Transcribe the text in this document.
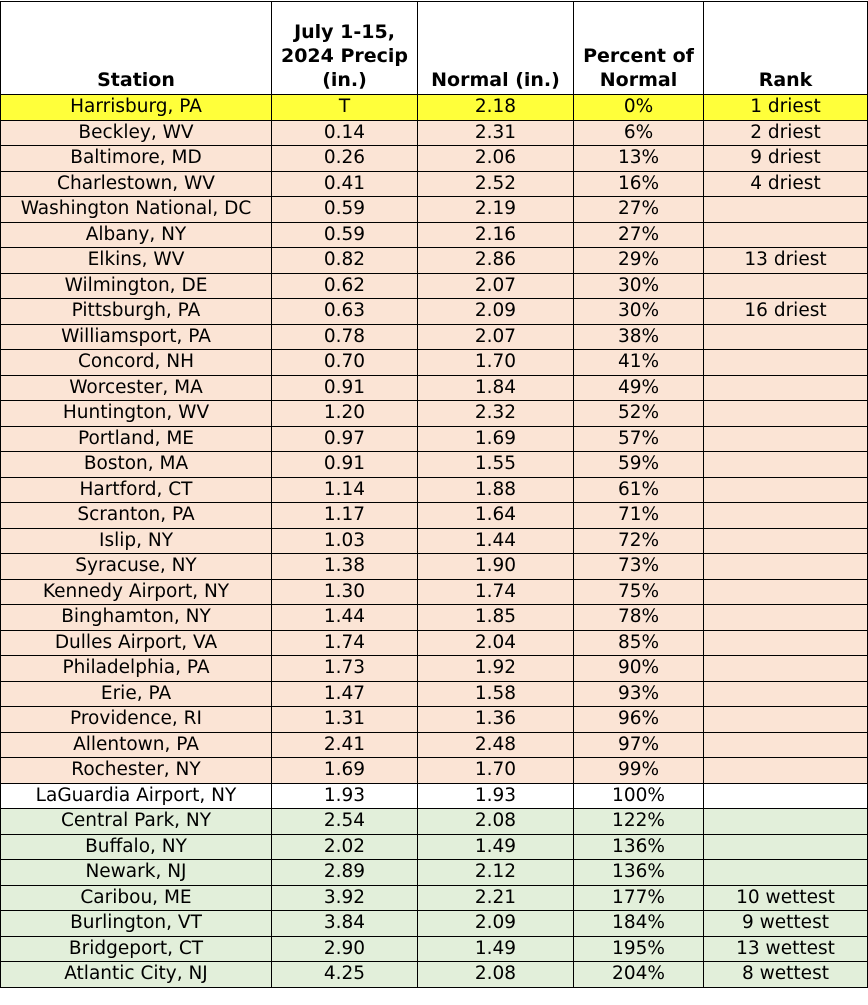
Station	July 1-15, 2024 Precip (in.)	Normal (in.)	Percent of Normal	Rank
Harrisburg, PA	T	2.18	0%	1 driest
Beckley, WV	0.14	2.31	6%	2 driest
Baltimore, MD	0.26	2.06	13%	9 driest
Charlestown, WV	0.41	2.52	16%	4 driest
Washington National, DC	0.59	2.19	27%	
Albany, NY	0.59	2.16	27%	
Elkins, WV	0.82	2.86	29%	13 driest
Wilmington, DE	0.62	2.07	30%	
Pittsburgh, PA	0.63	2.09	30%	16 driest
Williamsport, PA	0.78	2.07	38%	
Concord, NH	0.70	1.70	41%	
Worcester, MA	0.91	1.84	49%	
Huntington, WV	1.20	2.32	52%	
Portland, ME	0.97	1.69	57%	
Boston, MA	0.91	1.55	59%	
Hartford, CT	1.14	1.88	61%	
Scranton, PA	1.17	1.64	71%	
Islip, NY	1.03	1.44	72%	
Syracuse, NY	1.38	1.90	73%	
Kennedy Airport, NY	1.30	1.74	75%	
Binghamton, NY	1.44	1.85	78%	
Dulles Airport, VA	1.74	2.04	85%	
Philadelphia, PA	1.73	1.92	90%	
Erie, PA	1.47	1.58	93%	
Providence, RI	1.31	1.36	96%	
Allentown, PA	2.41	2.48	97%	
Rochester, NY	1.69	1.70	99%	
LaGuardia Airport, NY	1.93	1.93	100%	
Central Park, NY	2.54	2.08	122%	
Buffalo, NY	2.02	1.49	136%	
Newark, NJ	2.89	2.12	136%	
Caribou, ME	3.92	2.21	177%	10 wettest
Burlington, VT	3.84	2.09	184%	9 wettest
Bridgeport, CT	2.90	1.49	195%	13 wettest
Atlantic City, NJ	4.25	2.08	204%	8 wettest
